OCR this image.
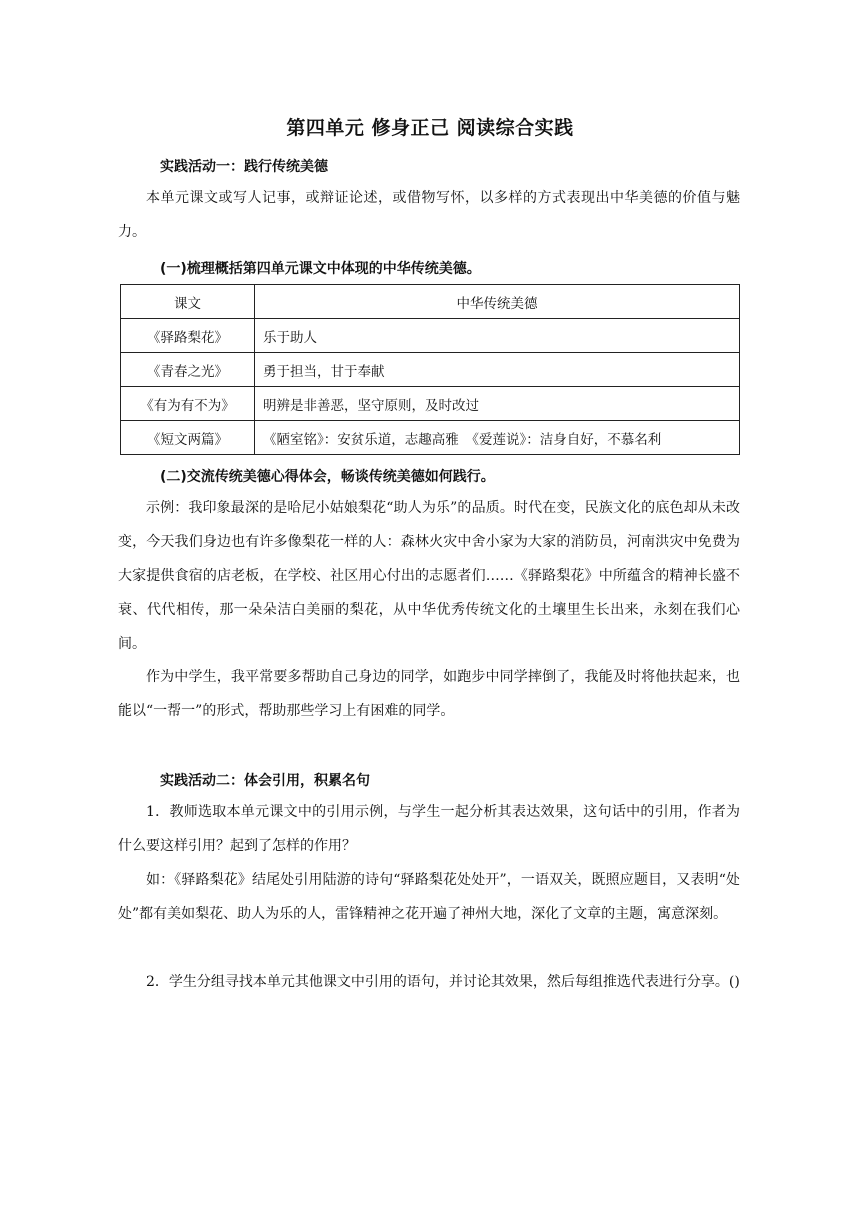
第四单元 修身正己 阅读综合实践
实践活动一：践行传统美德
本单元课文或写人记事，或辩证论述，或借物写怀，以多样的方式表现出中华美德的价值与魅力。
(一)梳理概括第四单元课文中体现的中华传统美德。
课文	中华传统美德
《驿路梨花》	乐于助人
《青春之光》	勇于担当，甘于奉献
《有为有不为》	明辨是非善恶，坚守原则，及时改过
《短文两篇》	《陋室铭》：安贫乐道，志趣高雅　《爱莲说》：洁身自好，不慕名利
(二)交流传统美德心得体会，畅谈传统美德如何践行。
示例：我印象最深的是哈尼小姑娘梨花“助人为乐”的品质。时代在变，民族文化的底色却从未改变，今天我们身边也有许多像梨花一样的人：森林火灾中舍小家为大家的消防员，河南洪灾中免费为大家提供食宿的店老板，在学校、社区用心付出的志愿者们……《驿路梨花》中所蕴含的精神长盛不衰、代代相传，那一朵朵洁白美丽的梨花，从中华优秀传统文化的土壤里生长出来，永刻在我们心间。
作为中学生，我平常要多帮助自己身边的同学，如跑步中同学摔倒了，我能及时将他扶起来，也能以“一帮一”的形式，帮助那些学习上有困难的同学。
实践活动二：体会引用，积累名句
1．教师选取本单元课文中的引用示例，与学生一起分析其表达效果，这句话中的引用，作者为什么要这样引用？起到了怎样的作用？
如：《驿路梨花》结尾处引用陆游的诗句“驿路梨花处处开”，一语双关，既照应题目，又表明“处处”都有美如梨花、助人为乐的人，雷锋精神之花开遍了神州大地，深化了文章的主题，寓意深刻。
2．学生分组寻找本单元其他课文中引用的语句，并讨论其效果，然后每组推选代表进行分享。()
